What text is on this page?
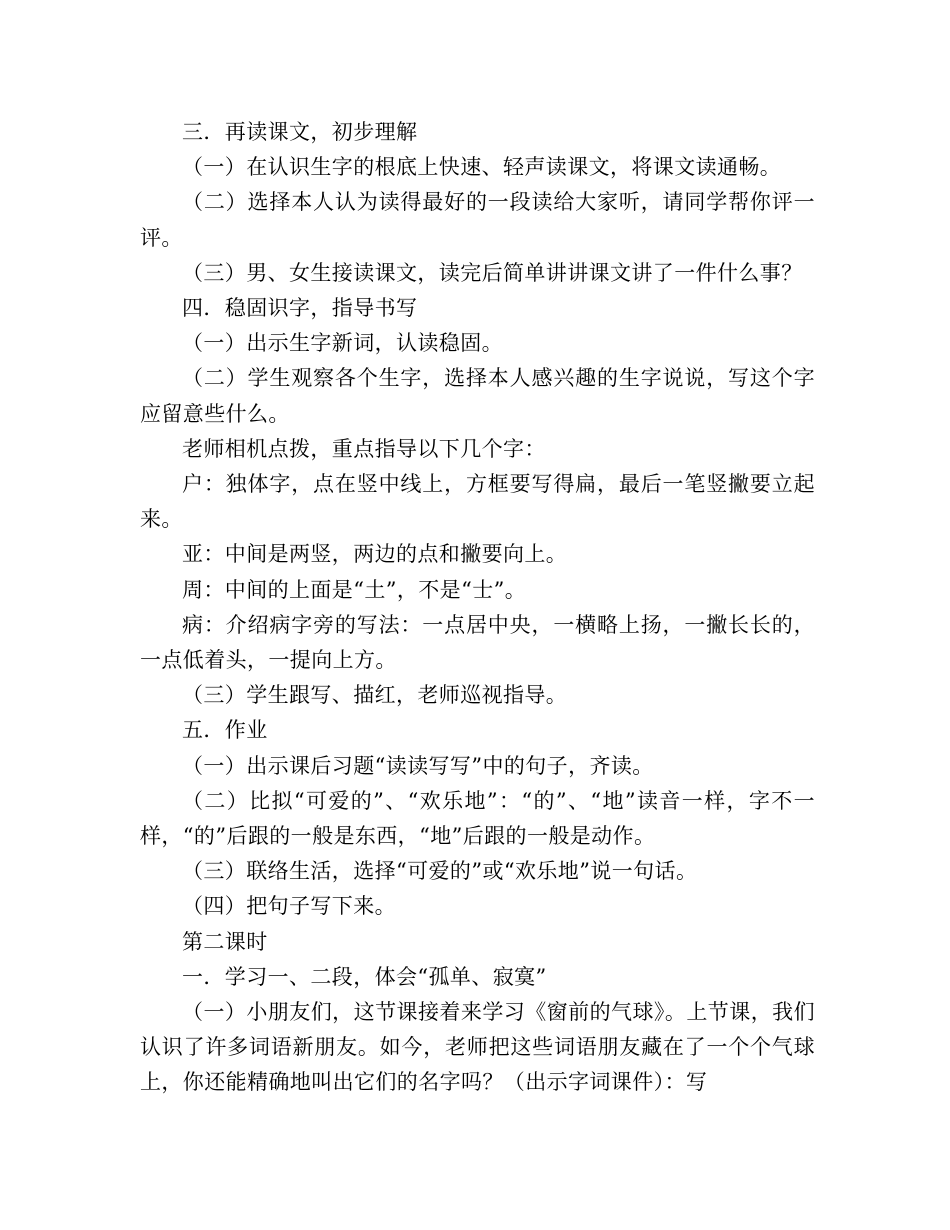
三．再读课文，初步理解

（一）在认识生字的根底上快速、轻声读课文，将课文读通畅。

（二）选择本人认为读得最好的一段读给大家听，请同学帮你评一评。

（三）男、女生接读课文，读完后简单讲讲课文讲了一件什么事？

四．稳固识字，指导书写

（一）出示生字新词，认读稳固。

（二）学生观察各个生字，选择本人感兴趣的生字说说，写这个字应留意些什么。

老师相机点拨，重点指导以下几个字：

户：独体字，点在竖中线上，方框要写得扁，最后一笔竖撇要立起来。

亚：中间是两竖，两边的点和撇要向上。

周：中间的上面是“土”，不是“士”。

病：介绍病字旁的写法：一点居中央，一横略上扬，一撇长长的，一点低着头，一提向上方。

（三）学生跟写、描红，老师巡视指导。

五．作业

（一）出示课后习题“读读写写”中的句子，齐读。

（二）比拟“可爱的”、“欢乐地”：“的”、“地”读音一样，字不一样，“的”后跟的一般是东西，“地”后跟的一般是动作。

（三）联络生活，选择“可爱的”或“欢乐地”说一句话。

（四）把句子写下来。

第二课时

一．学习一、二段，体会“孤单、寂寞”

（一）小朋友们，这节课接着来学习《窗前的气球》。上节课，我们认识了许多词语新朋友。如今，老师把这些词语朋友藏在了一个个气球上，你还能精确地叫出它们的名字吗？（出示字词课件）：写
